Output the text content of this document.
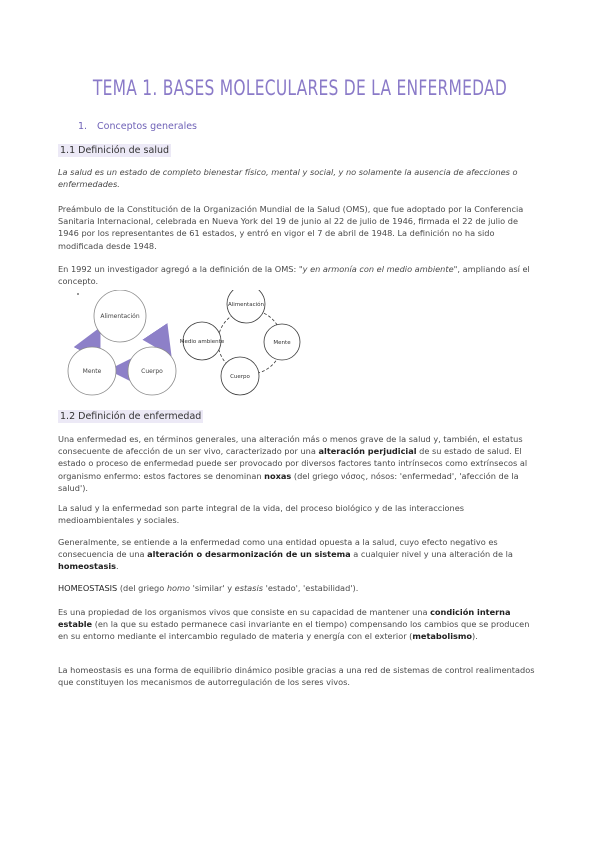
TEMA 1. BASES MOLECULARES DE LA ENFERMEDAD
1. Conceptos generales
1.1 Definición de salud

La salud es un estado de completo bienestar físico, mental y social, y no solamente la ausencia de afecciones o enfermedades.

Preámbulo de la Constitución de la Organización Mundial de la Salud (OMS), que fue adoptado por la Conferencia Sanitaria Internacional, celebrada en Nueva York del 19 de junio al 22 de julio de 1946, firmada el 22 de julio de 1946 por los representantes de 61 estados, y entró en vigor el 7 de abril de 1948. La definición no ha sido modificada desde 1948.

En 1992 un investigador agregó a la definición de la OMS: "y en armonía con el medio ambiente", ampliando así el concepto.

Alimentación
Mente	Cuerpo
Alimentación
Mente
Cuerpo
Medio ambiente
1.2 Definición de enfermedad

Una enfermedad es, en términos generales, una alteración más o menos grave de la salud y, también, el estatus consecuente de afección de un ser vivo, caracterizado por una alteración perjudicial de su estado de salud. El estado o proceso de enfermedad puede ser provocado por diversos factores tanto intrínsecos como extrínsecos al organismo enfermo: estos factores se denominan noxas (del griego νόσος, nósos: 'enfermedad', 'afección de la salud').

La salud y la enfermedad son parte integral de la vida, del proceso biológico y de las interacciones medioambientales y sociales.

Generalmente, se entiende a la enfermedad como una entidad opuesta a la salud, cuyo efecto negativo es consecuencia de una alteración o desarmonización de un sistema a cualquier nivel y una alteración de la homeostasis.

HOMEOSTASIS (del griego homo 'similar' y estasis 'estado', 'estabilidad').

Es una propiedad de los organismos vivos que consiste en su capacidad de mantener una condición interna estable (en la que su estado permanece casi invariante en el tiempo) compensando los cambios que se producen en su entorno mediante el intercambio regulado de materia y energía con el exterior (metabolismo).

La homeostasis es una forma de equilibrio dinámico posible gracias a una red de sistemas de control realimentados que constituyen los mecanismos de autorregulación de los seres vivos.
